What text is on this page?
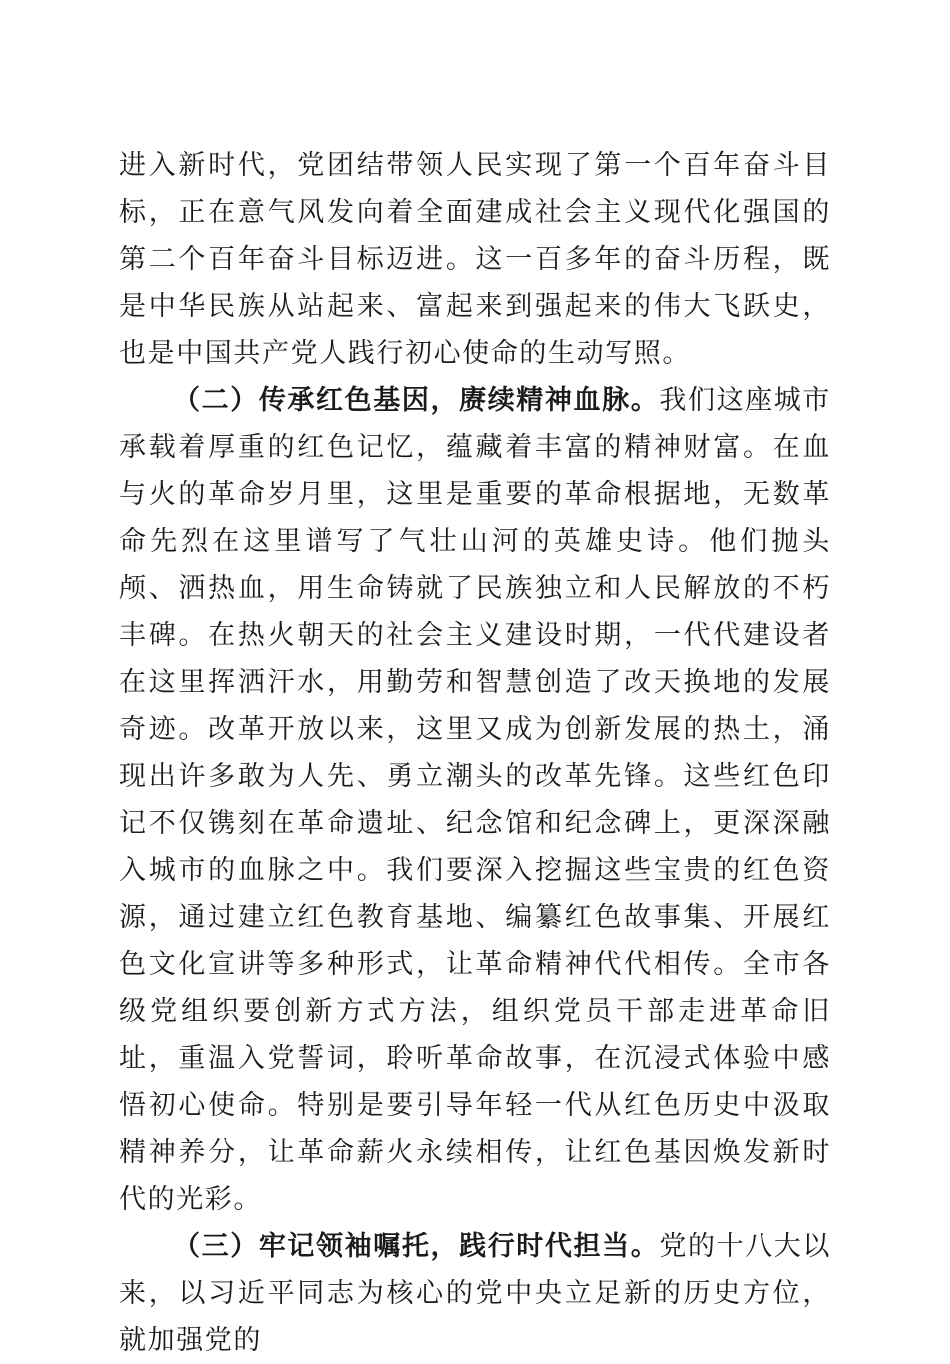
进入新时代，党团结带领人民实现了第一个百年奋斗目标，正在意气风发向着全面建成社会主义现代化强国的第二个百年奋斗目标迈进。这一百多年的奋斗历程，既是中华民族从站起来、富起来到强起来的伟大飞跃史，也是中国共产党人践行初心使命的生动写照。

（二）传承红色基因，赓续精神血脉。我们这座城市承载着厚重的红色记忆，蕴藏着丰富的精神财富。在血与火的革命岁月里，这里是重要的革命根据地，无数革命先烈在这里谱写了气壮山河的英雄史诗。他们抛头颅、洒热血，用生命铸就了民族独立和人民解放的不朽丰碑。在热火朝天的社会主义建设时期，一代代建设者在这里挥洒汗水，用勤劳和智慧创造了改天换地的发展奇迹。改革开放以来，这里又成为创新发展的热土，涌现出许多敢为人先、勇立潮头的改革先锋。这些红色印记不仅镌刻在革命遗址、纪念馆和纪念碑上，更深深融入城市的血脉之中。我们要深入挖掘这些宝贵的红色资源，通过建立红色教育基地、编纂红色故事集、开展红色文化宣讲等多种形式，让革命精神代代相传。全市各级党组织要创新方式方法，组织党员干部走进革命旧址，重温入党誓词，聆听革命故事，在沉浸式体验中感悟初心使命。特别是要引导年轻一代从红色历史中汲取精神养分，让革命薪火永续相传，让红色基因焕发新时代的光彩。

（三）牢记领袖嘱托，践行时代担当。党的十八大以来，以习近平同志为核心的党中央立足新的历史方位，就加强党的
